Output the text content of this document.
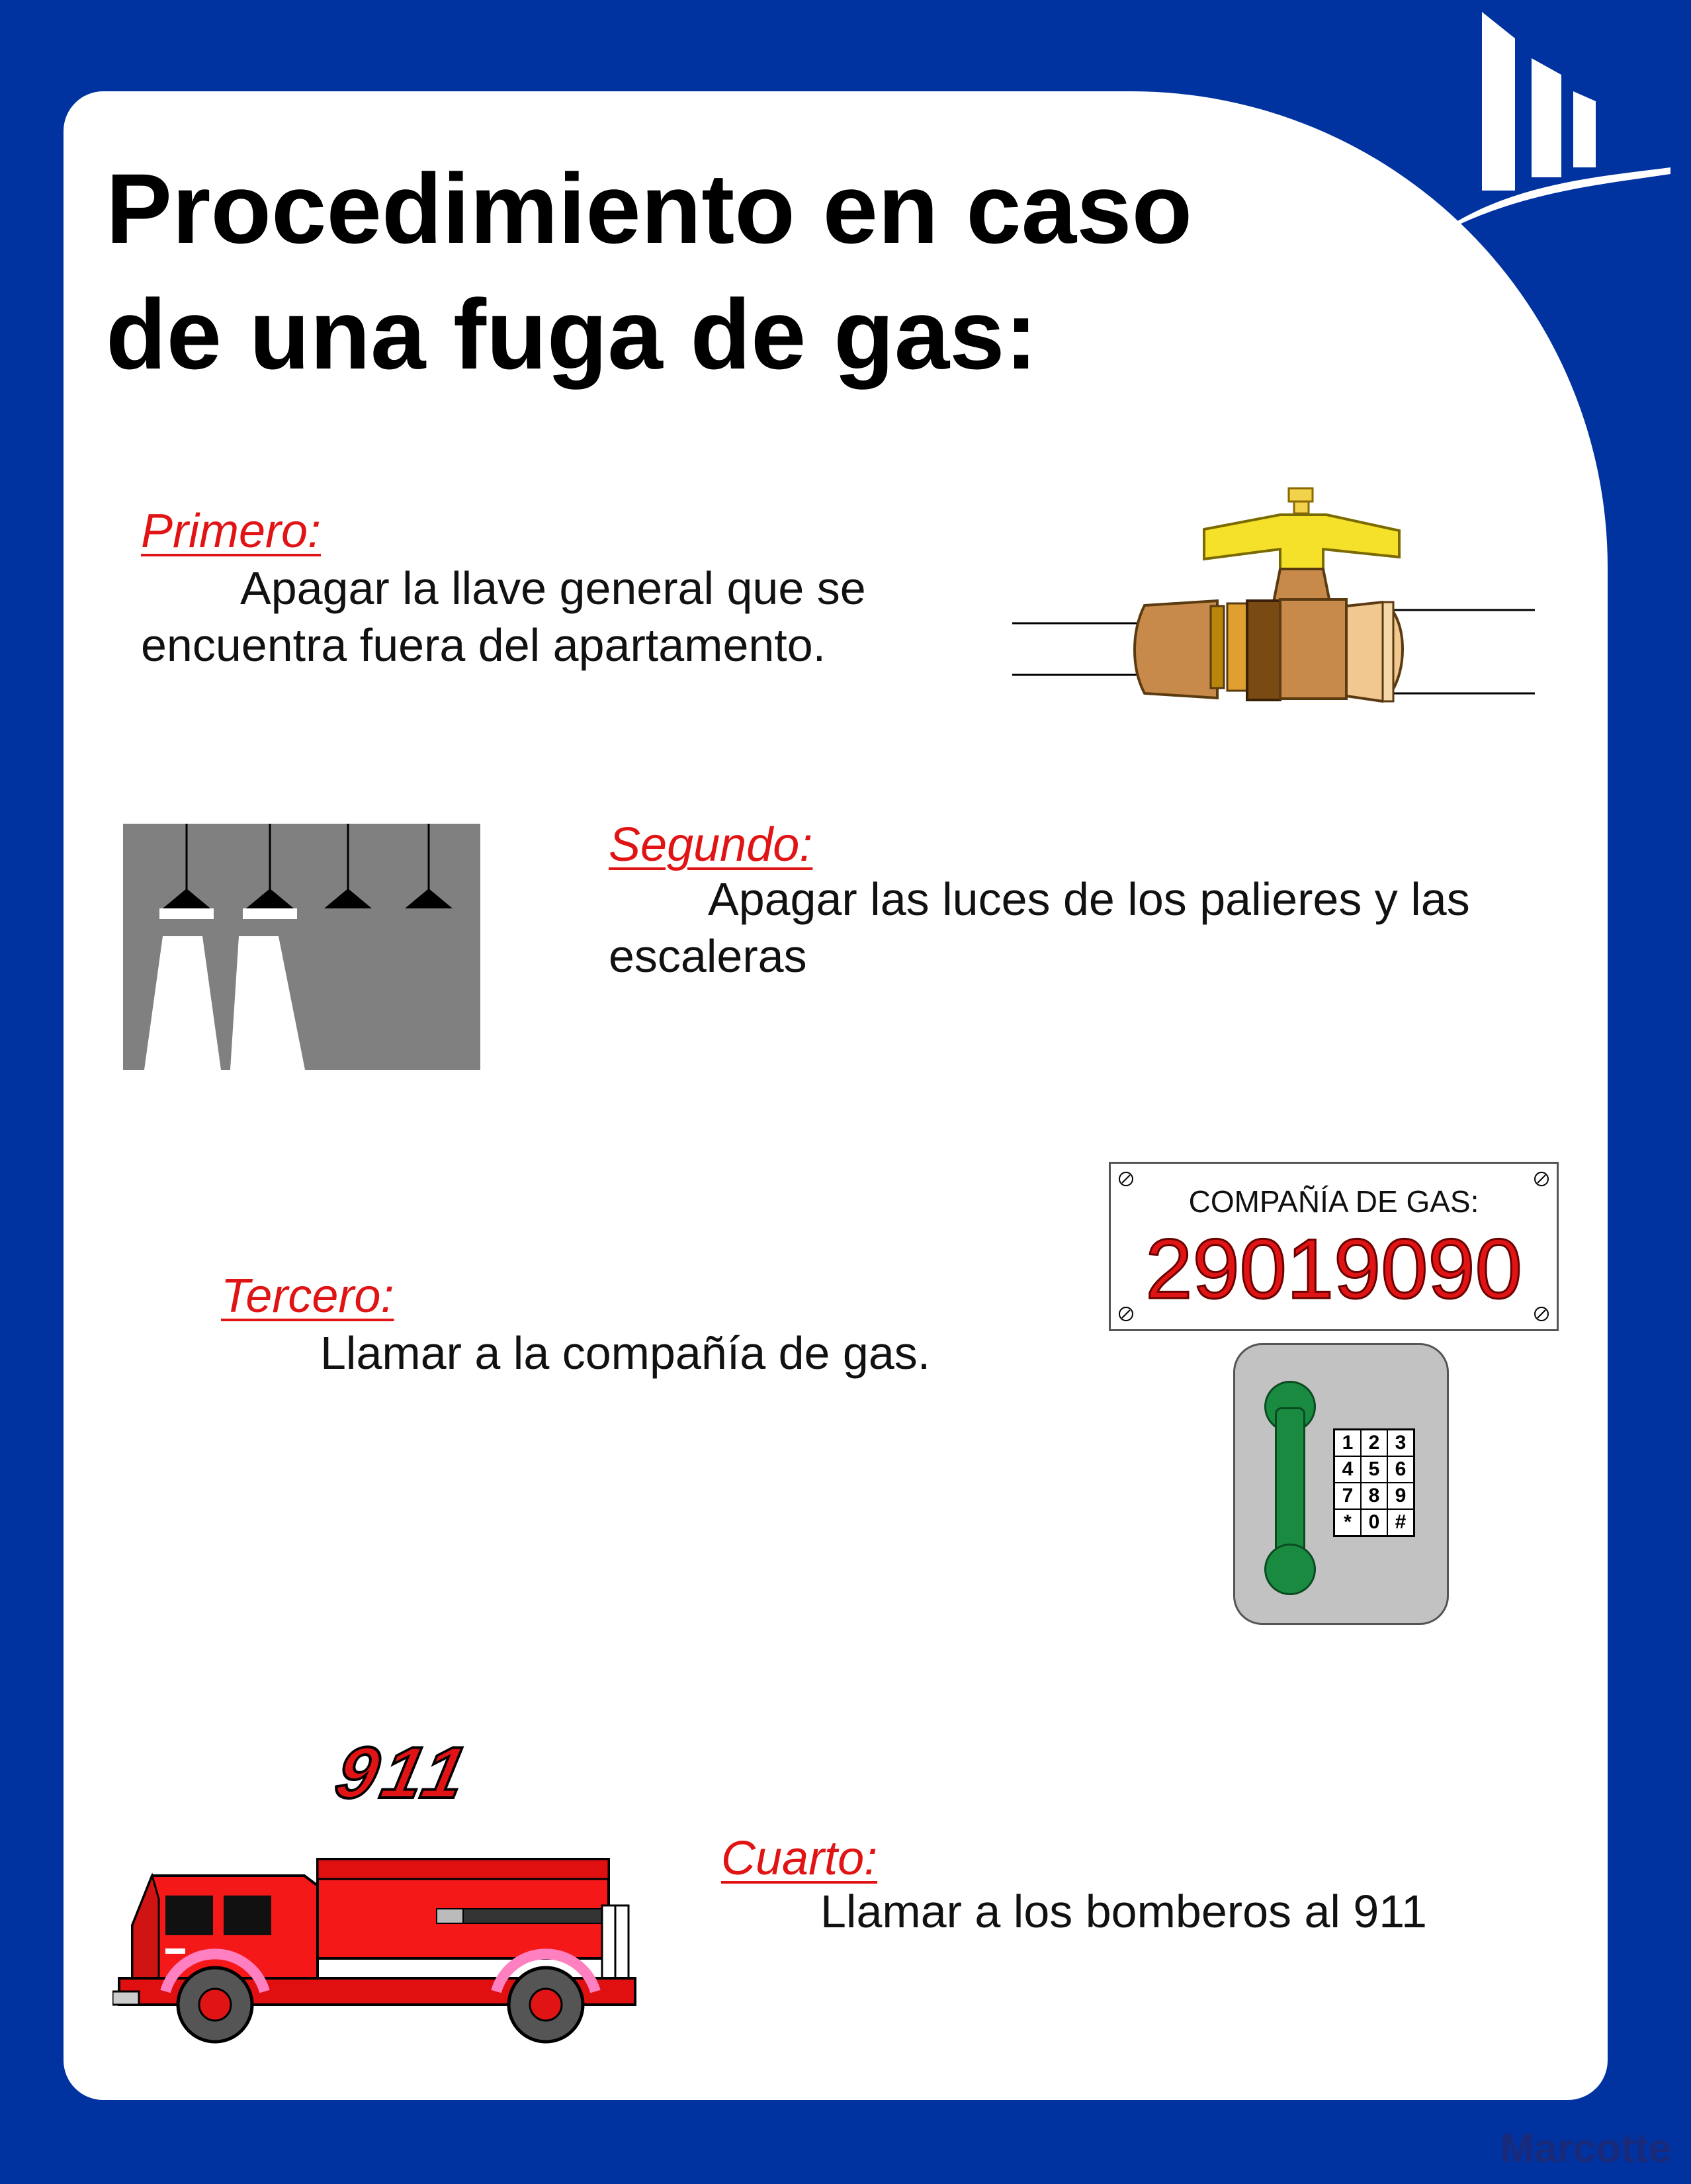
Procedimiento en caso
de una fuga de gas:
Primero:
Apagar la llave general que se encuentra fuera del apartamento.
Segundo:
Apagar las luces de los palieres y las escaleras
Tercero:
Llamar a la compañía de gas.
COMPAÑÍA DE GAS:
29019090
1 2 3
4 5 6
7 8 9
* 0 #
911
Cuarto:
Llamar a los bomberos al 911
Marcotte
